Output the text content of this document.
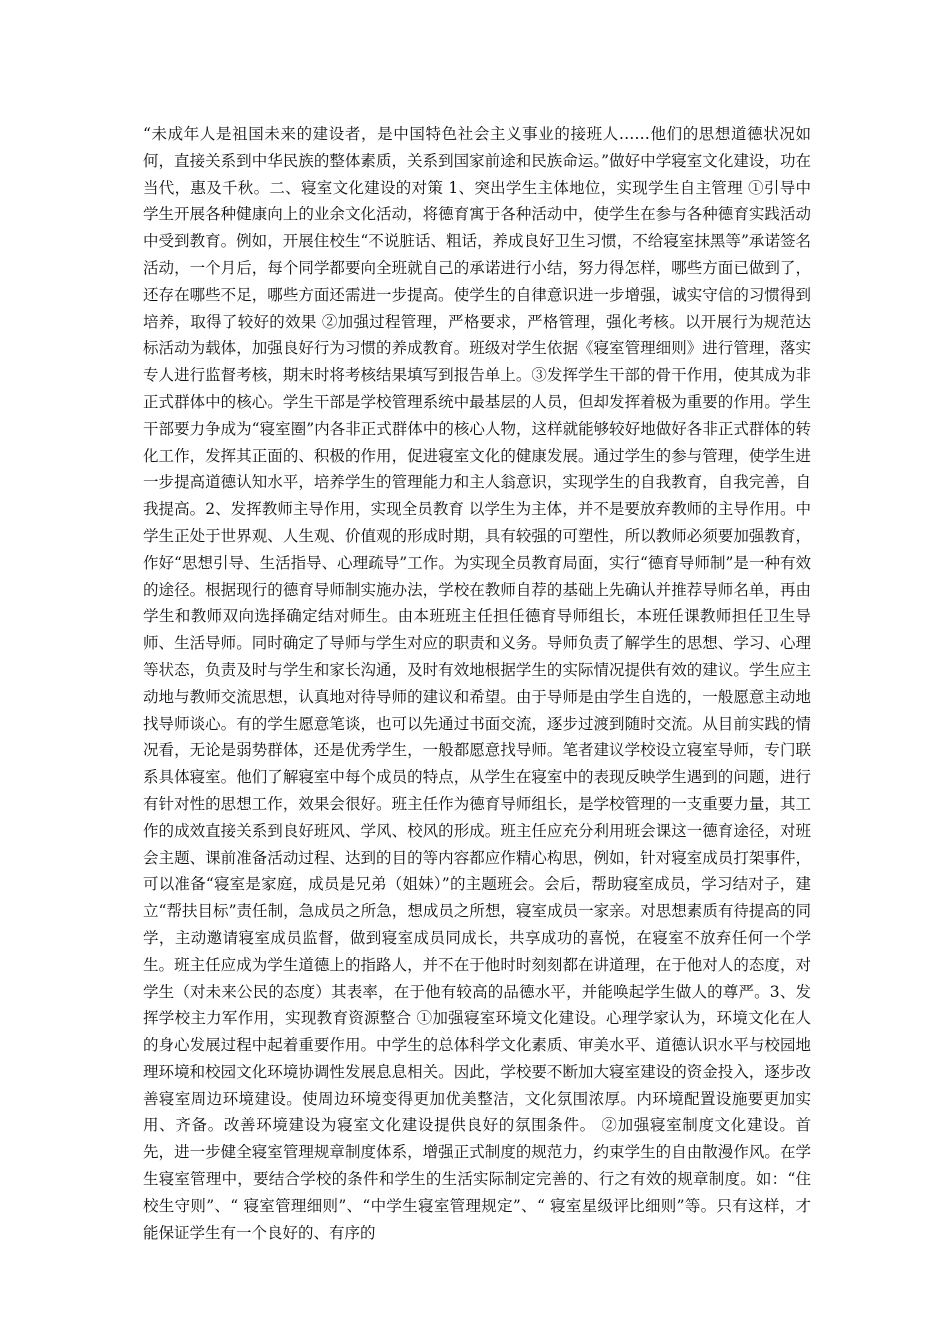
“未成年人是祖国未来的建设者，是中国特色社会主义事业的接班人……他们的思想道德状况如何，直接关系到中华民族的整体素质，关系到国家前途和民族命运。”做好中学寝室文化建设，功在当代，惠及千秋。二、寝室文化建设的对策 1、突出学生主体地位，实现学生自主管理 ①引导中学生开展各种健康向上的业余文化活动，将德育寓于各种活动中，使学生在参与各种德育实践活动中受到教育。例如，开展住校生“不说脏话、粗话，养成良好卫生习惯，不给寝室抹黑等”承诺签名活动，一个月后，每个同学都要向全班就自己的承诺进行小结，努力得怎样，哪些方面已做到了，还存在哪些不足，哪些方面还需进一步提高。使学生的自律意识进一步增强，诚实守信的习惯得到培养，取得了较好的效果 ②加强过程管理，严格要求，严格管理，强化考核。以开展行为规范达标活动为载体，加强良好行为习惯的养成教育。班级对学生依据《寝室管理细则》进行管理，落实专人进行监督考核，期末时将考核结果填写到报告单上。③发挥学生干部的骨干作用，使其成为非正式群体中的核心。学生干部是学校管理系统中最基层的人员，但却发挥着极为重要的作用。学生干部要力争成为“寝室圈”内各非正式群体中的核心人物，这样就能够较好地做好各非正式群体的转化工作，发挥其正面的、积极的作用，促进寝室文化的健康发展。通过学生的参与管理，使学生进一步提高道德认知水平，培养学生的管理能力和主人翁意识，实现学生的自我教育，自我完善，自我提高。2、发挥教师主导作用，实现全员教育 以学生为主体，并不是要放弃教师的主导作用。中学生正处于世界观、人生观、价值观的形成时期，具有较强的可塑性，所以教师必须要加强教育，作好“思想引导、生活指导、心理疏导”工作。为实现全员教育局面，实行“德育导师制”是一种有效的途径。根据现行的德育导师制实施办法，学校在教师自荐的基础上先确认并推荐导师名单，再由学生和教师双向选择确定结对师生。由本班班主任担任德育导师组长，本班任课教师担任卫生导师、生活导师。同时确定了导师与学生对应的职责和义务。导师负责了解学生的思想、学习、心理等状态，负责及时与学生和家长沟通，及时有效地根据学生的实际情况提供有效的建议。学生应主动地与教师交流思想，认真地对待导师的建议和希望。由于导师是由学生自选的，一般愿意主动地找导师谈心。有的学生愿意笔谈，也可以先通过书面交流，逐步过渡到随时交流。从目前实践的情况看，无论是弱势群体，还是优秀学生，一般都愿意找导师。笔者建议学校设立寝室导师，专门联系具体寝室。他们了解寝室中每个成员的特点，从学生在寝室中的表现反映学生遇到的问题，进行有针对性的思想工作，效果会很好。班主任作为德育导师组长，是学校管理的一支重要力量，其工作的成效直接关系到良好班风、学风、校风的形成。班主任应充分利用班会课这一德育途径，对班会主题、课前准备活动过程、达到的目的等内容都应作精心构思，例如，针对寝室成员打架事件，可以准备“寝室是家庭，成员是兄弟（姐妹）”的主题班会。会后，帮助寝室成员，学习结对子，建立“帮扶目标”责任制，急成员之所急，想成员之所想，寝室成员一家亲。对思想素质有待提高的同学，主动邀请寝室成员监督，做到寝室成员同成长，共享成功的喜悦，在寝室不放弃任何一个学生。班主任应成为学生道德上的指路人，并不在于他时时刻刻都在讲道理，在于他对人的态度，对学生（对未来公民的态度）其表率，在于他有较高的品德水平，并能唤起学生做人的尊严。3、发挥学校主力军作用，实现教育资源整合 ①加强寝室环境文化建设。心理学家认为，环境文化在人的身心发展过程中起着重要作用。中学生的总体科学文化素质、审美水平、道德认识水平与校园地理环境和校园文化环境协调性发展息息相关。因此，学校要不断加大寝室建设的资金投入，逐步改善寝室周边环境建设。使周边环境变得更加优美整洁，文化氛围浓厚。内环境配置设施要更加实用、齐备。改善环境建设为寝室文化建设提供良好的氛围条件。 ②加强寝室制度文化建设。首先，进一步健全寝室管理规章制度体系，增强正式制度的规范力，约束学生的自由散漫作风。在学生寝室管理中，要结合学校的条件和学生的生活实际制定完善的、行之有效的规章制度。如：“住校生守则”、“ 寝室管理细则”、“中学生寝室管理规定”、“ 寝室星级评比细则”等。只有这样，才能保证学生有一个良好的、有序的
